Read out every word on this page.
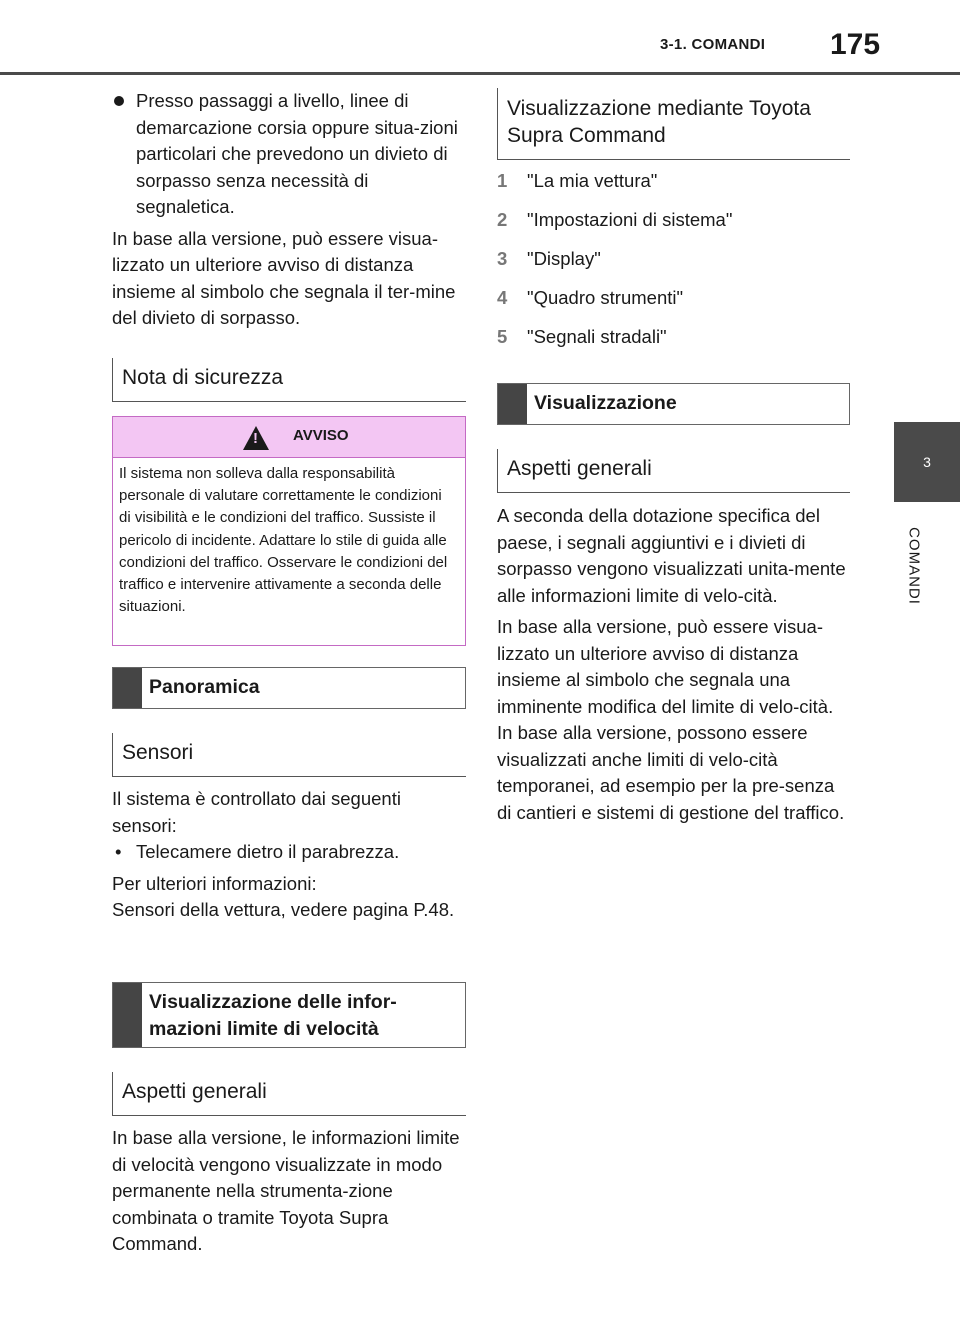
3-1. COMANDI 175
3
COMANDI
Presso passaggi a livello, linee di demarcazione corsia oppure situa-zioni particolari che prevedono un divieto di sorpasso senza necessità di segnaletica.

In base alla versione, può essere visua-lizzato un ulteriore avviso di distanza insieme al simbolo che segnala il ter-mine del divieto di sorpasso.

Nota di sicurezza
!
AVVISO
Il sistema non solleva dalla responsabilità personale di valutare correttamente le condizioni di visibilità e le condizioni del traffico. Sussiste il pericolo di incidente. Adattare lo stile di guida alle condizioni del traffico. Osservare le condizioni del traffico e intervenire attivamente a seconda delle situazioni.
Panoramica
Sensori

Il sistema è controllato dai seguenti sensori:

• Telecamere dietro il parabrezza.

Per ulteriori informazioni:

Sensori della vettura, vedere pagina P.48.

Visualizzazione delle infor-mazioni limite di velocità
Aspetti generali

In base alla versione, le informazioni limite di velocità vengono visualizzate in modo permanente nella strumenta-zione combinata o tramite Toyota Supra Command.

Visualizzazione mediante Toyota Supra Command
1 "La mia vettura"
2 "Impostazioni di sistema"
3 "Display"
4 "Quadro strumenti"
5 "Segnali stradali"
Visualizzazione
Aspetti generali

A seconda della dotazione specifica del paese, i segnali aggiuntivi e i divieti di sorpasso vengono visualizzati unita-mente alle informazioni limite di velo-cità.

In base alla versione, può essere visua-lizzato un ulteriore avviso di distanza insieme al simbolo che segnala una imminente modifica del limite di velo-cità. In base alla versione, possono essere visualizzati anche limiti di velo-cità temporanei, ad esempio per la pre-senza di cantieri e sistemi di gestione del traffico.
